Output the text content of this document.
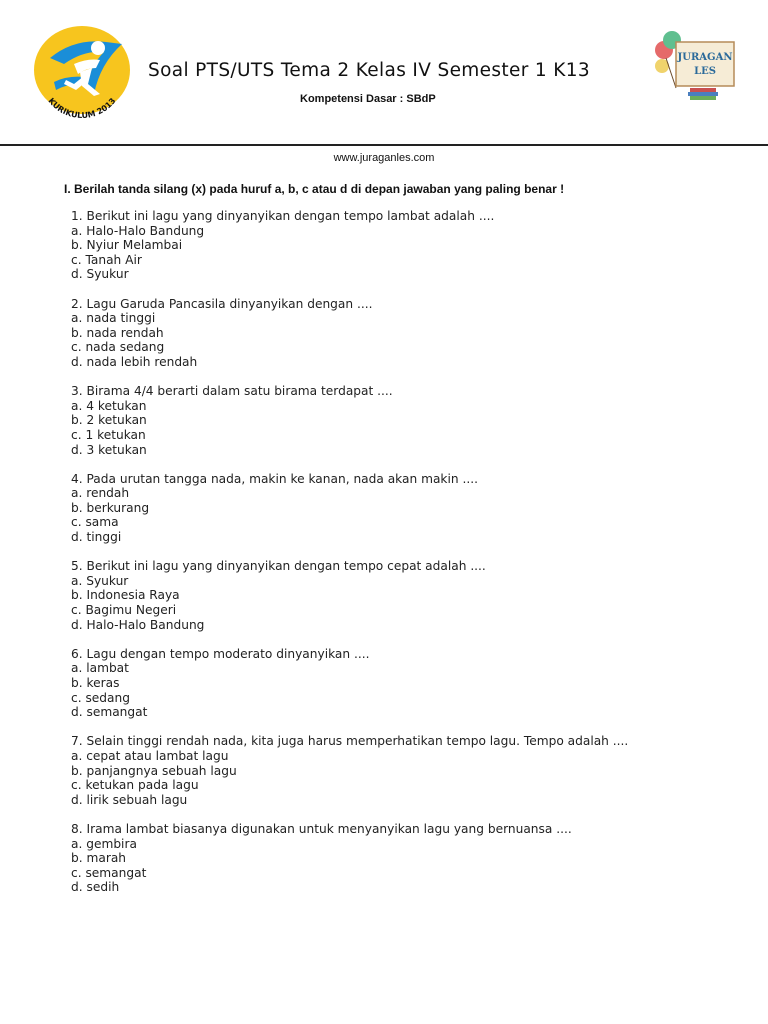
KURIKULUM 2013
Soal PTS/UTS Tema 2 Kelas IV Semester 1 K13
Kompetensi Dasar : SBdP
JURAGAN
LES
www.juraganles.com
I. Berilah tanda silang (x) pada huruf a, b, c atau d di depan jawaban yang paling benar !
1. Berikut ini lagu yang dinyanyikan dengan tempo lambat adalah ....
a. Halo-Halo Bandung
b. Nyiur Melambai
c. Tanah Air
d. Syukur
2. Lagu Garuda Pancasila dinyanyikan dengan ....
a. nada tinggi
b. nada rendah
c. nada sedang
d. nada lebih rendah
3. Birama 4/4 berarti dalam satu birama terdapat ....
a. 4 ketukan
b. 2 ketukan
c. 1 ketukan
d. 3 ketukan
4. Pada urutan tangga nada, makin ke kanan, nada akan makin ....
a. rendah
b. berkurang
c. sama
d. tinggi
5. Berikut ini lagu yang dinyanyikan dengan tempo cepat adalah ....
a. Syukur
b. Indonesia Raya
c. Bagimu Negeri
d. Halo-Halo Bandung
6. Lagu dengan tempo moderato dinyanyikan ....
a. lambat
b. keras
c. sedang
d. semangat
7. Selain tinggi rendah nada, kita juga harus memperhatikan tempo lagu. Tempo adalah ....
a. cepat atau lambat lagu
b. panjangnya sebuah lagu
c. ketukan pada lagu
d. lirik sebuah lagu
8. Irama lambat biasanya digunakan untuk menyanyikan lagu yang bernuansa ....
a. gembira
b. marah
c. semangat
d. sedih
